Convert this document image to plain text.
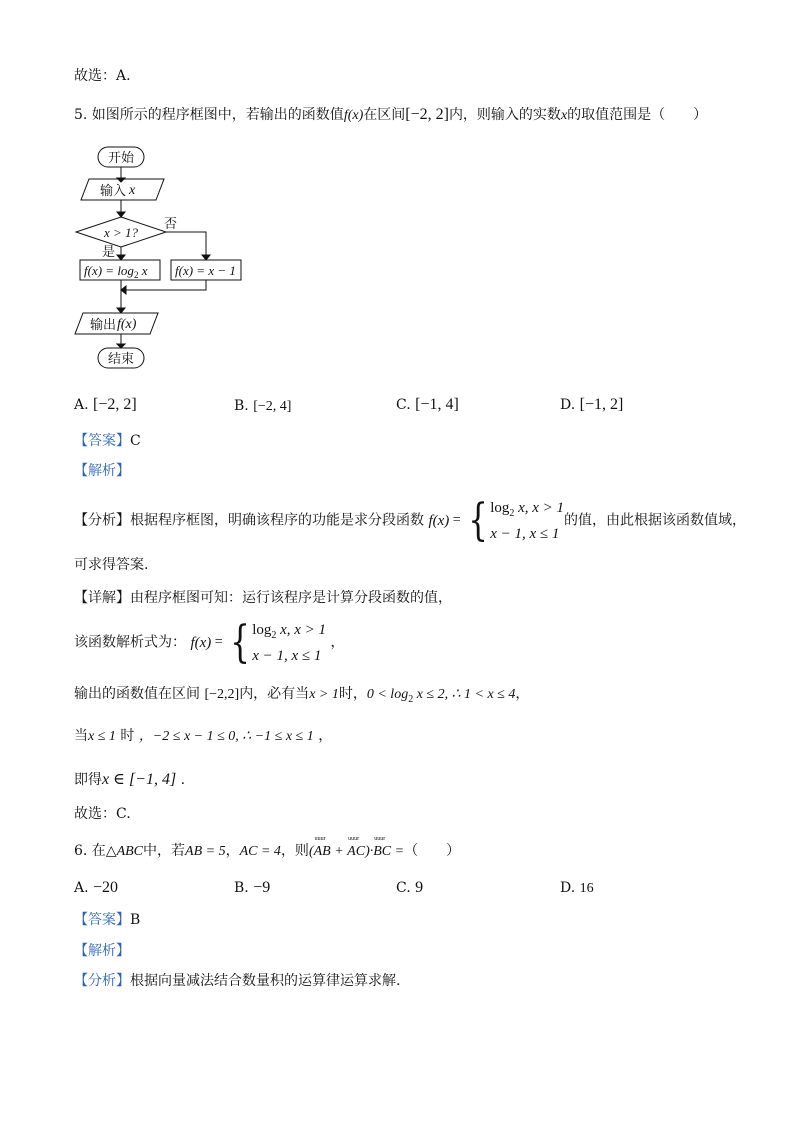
故选：A.
5. 如图所示的程序框图中，若输出的函数值f(x)在区间[−2, 2]内，则输入的实数x的取值范围是（　　）
开始
输入 x
x > 1?
否
是
$f(x) = \log_2 x$ f(x) = x − 1
输出 f(x)
结束
A. [−2, 2]	B. [−2, 4]	C. [−1, 4]	D. [−1, 2]
【答案】C
【解析】
【分析】根据程序框图，明确该程序的功能是求分段函数 f(x) = { $\log_2 x$, x > 1
x − 1, x ≤ 1
的值，由此根据该函数值域，
可求得答案.
【详解】由程序框图可知：运行该程序是计算分段函数的值，
该函数解析式为： f(x) = { $\log_2 x$, x > 1
x − 1, x ≤ 1
，
输出的函数值在区间 [−2,2]内，必有当x > 1时，$0 < \log_2 x \le 2$, ∴ 1 < x ≤ 4，
当x ≤ 1 时 ，−2 ≤ x − 1 ≤ 0, ∴ −1 ≤ x ≤ 1 ，
即得x ∈ [−1, 4] .
故选：C.
6. 在△ABC中，若AB = 5，AC = 4，则(uuur AB + uuur AC)·uuur BC =（　　）
A. −20	B. −9	C. 9	D. 16
【答案】B
【解析】
【分析】根据向量减法结合数量积的运算律运算求解.
